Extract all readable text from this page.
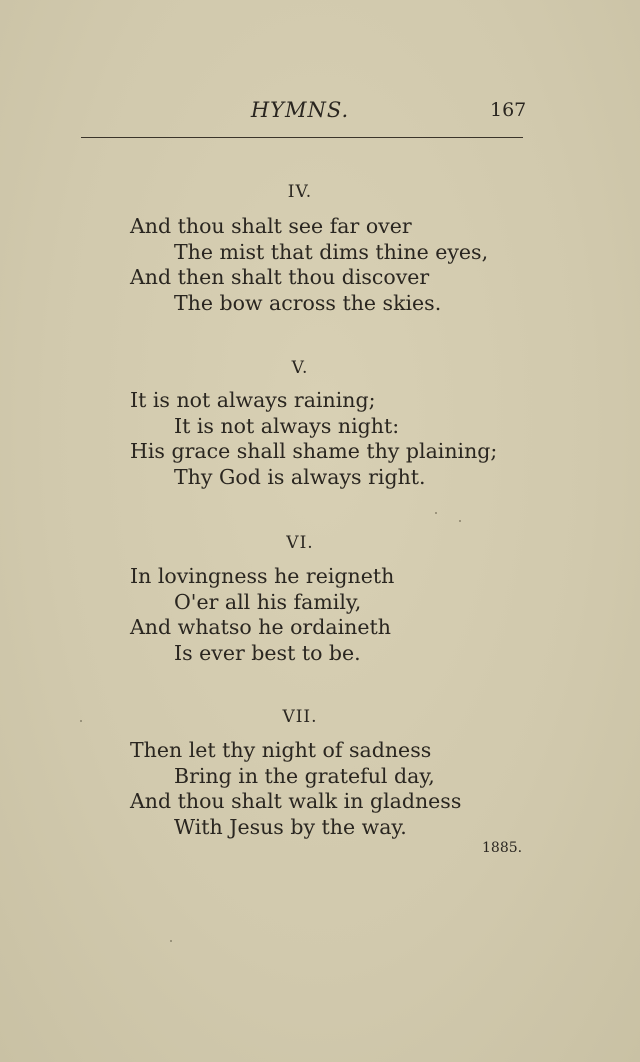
HYMNS.	167
IV.
And thou shalt see far over
The mist that dims thine eyes,
And then shalt thou discover
The bow across the skies.
V.
It is not always raining;
It is not always night:
His grace shall shame thy plaining;
Thy God is always right.
VI.
In lovingness he reigneth
O'er all his family,
And whatso he ordaineth
Is ever best to be.
VII.
Then let thy night of sadness
Bring in the grateful day,
And thou shalt walk in gladness
With Jesus by the way.
1885.
